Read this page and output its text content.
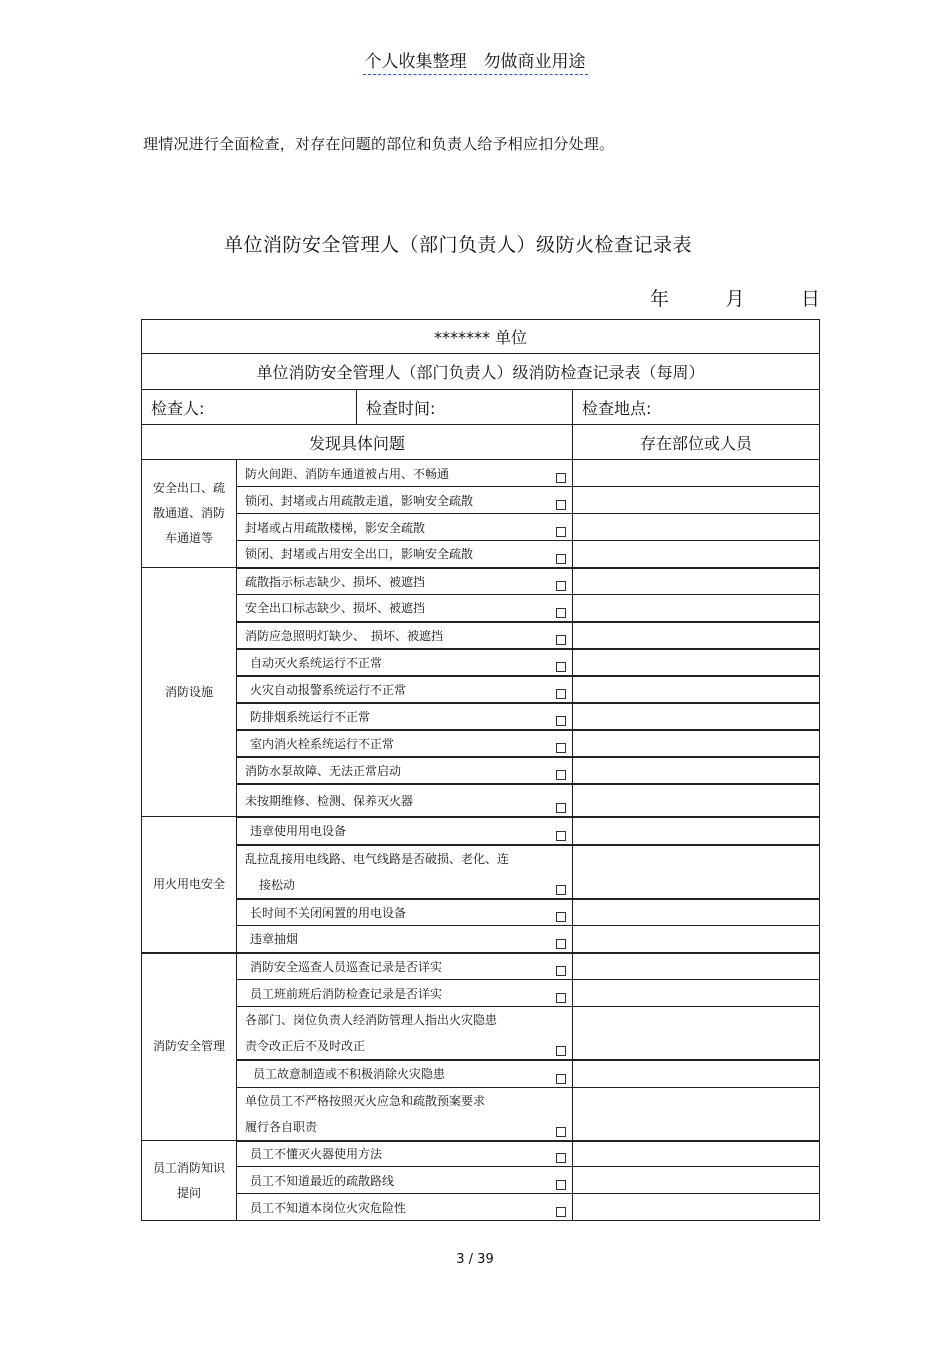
个人收集整理　勿做商业用途
理情况进行全面检查，对存在问题的部位和负责人给予相应扣分处理。
单位消防安全管理人（部门负责人）级防火检查记录表
年	月	日
******* 单位			
单位消防安全管理人（部门负责人）级消防检查记录表（每周）			
检查人:		检查时间:	检查地点:
发现具体问题			存在部位或人员
安全出口、疏散通道、消防车通道等	防火间距、消防车通道被占用、不畅通		

	锁闭、封堵或占用疏散走道，影响安全疏散		

	封堵或占用疏散楼梯，影安全疏散		

	锁闭、封堵或占用安全出口，影响安全疏散		

消防设施	疏散指示标志缺少、损坏、被遮挡		

	安全出口标志缺少、损坏、被遮挡		

	消防应急照明灯缺少、　损坏、被遮挡		

	自动灭火系统运行不正常		

	火灾自动报警系统运行不正常		

	防排烟系统运行不正常		

	室内消火栓系统运行不正常		

	消防水泵故障、无法正常启动		

	未按期维修、检测、保养灭火器		

用火用电安全	违章使用用电设备		

	乱拉乱接用电线路、电气线路是否破损、老化、连
接松动		

	长时间不关闭闲置的用电设备		

	违章抽烟		

消防安全管理	消防安全巡查人员巡查记录是否详实		

	员工班前班后消防检查记录是否详实		

	各部门、岗位负责人经消防管理人指出火灾隐患
责令改正后不及时改正		

	员工故意制造或不积极消除火灾隐患		

	单位员工不严格按照灭火应急和疏散预案要求
履行各自职责		

员工消防知识提问	员工不懂灭火器使用方法		

	员工不知道最近的疏散路线		

	员工不知道本岗位火灾危险性		

3 / 39
